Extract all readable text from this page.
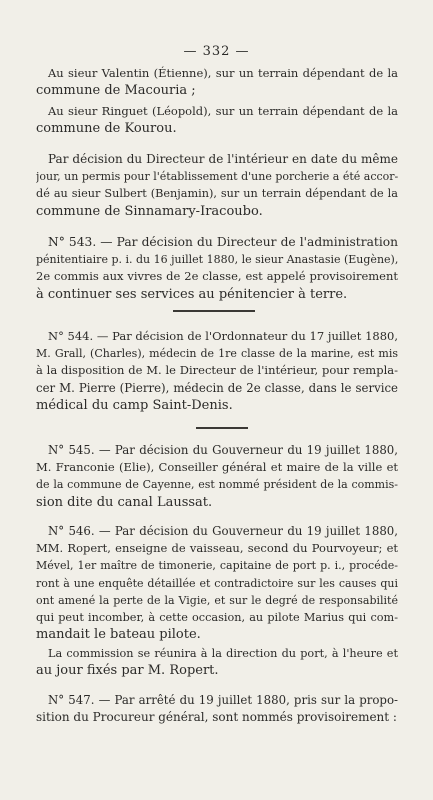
— 332 —
Au sieur Valentin (Étienne), sur un terrain dépendant de la
commune de Macouria ;
Au sieur Ringuet (Léopold), sur un terrain dépendant de la
commune de Kourou.
Par décision du Directeur de l'intérieur en date du même
jour, un permis pour l'établissement d'une porcherie a été accor-
dé au sieur Sulbert (Benjamin), sur un terrain dépendant de la
commune de Sinnamary-Iracoubo.
N° 543. — Par décision du Directeur de l'administration
pénitentiaire p. i. du 16 juillet 1880, le sieur Anastasie (Eugène),
2e commis aux vivres de 2e classe, est appelé provisoirement
à continuer ses services au pénitencier à terre.
N° 544. — Par décision de l'Ordonnateur du 17 juillet 1880,
M. Grall, (Charles), médecin de 1re classe de la marine, est mis
à la disposition de M. le Directeur de l'intérieur, pour rempla-
cer M. Pierre (Pierre), médecin de 2e classe, dans le service
médical du camp Saint-Denis.
N° 545. — Par décision du Gouverneur du 19 juillet 1880,
M. Franconie (Elie), Conseiller général et maire de la ville et
de la commune de Cayenne, est nommé président de la commis-
sion dite du canal Laussat.
N° 546. — Par décision du Gouverneur du 19 juillet 1880,
MM. Ropert, enseigne de vaisseau, second du Pourvoyeur; et
Mével, 1er maître de timonerie, capitaine de port p. i., procéde-
ront à une enquête détaillée et contradictoire sur les causes qui
ont amené la perte de la Vigie, et sur le degré de responsabilité
qui peut incomber, à cette occasion, au pilote Marius qui com-
mandait le bateau pilote.
La commission se réunira à la direction du port, à l'heure et
au jour fixés par M. Ropert.
N° 547. — Par arrêté du 19 juillet 1880, pris sur la propo-
sition du Procureur général, sont nommés provisoirement :
